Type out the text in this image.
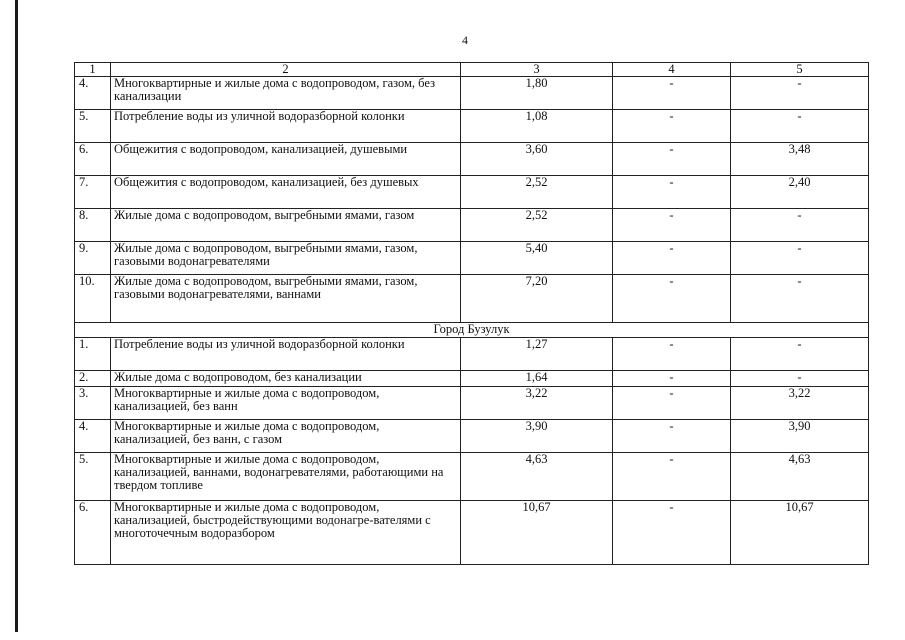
4
1	2	3	4	5
4.	Многоквартирные и жилые дома с водопроводом, газом, без канализации	1,80	-	-
5.	Потребление воды из уличной водоразборной колонки	1,08	-	-
6.	Общежития с водопроводом, канализацией, душевыми	3,60	-	3,48
7.	Общежития с водопроводом, канализацией, без душевых	2,52	-	2,40
8.	Жилые дома с водопроводом, выгребными ямами, газом	2,52	-	-
9.	Жилые дома с водопроводом, выгребными ямами, газом, газовыми водонагревателями	5,40	-	-
10.	Жилые дома с водопроводом, выгребными ямами, газом, газовыми водонагревателями, ваннами	7,20	-	-
Город Бузулук				
1.	Потребление воды из уличной водоразборной колонки	1,27	-	-
2.	Жилые дома с водопроводом, без канализации	1,64	-	-
3.	Многоквартирные и жилые дома с водопроводом, канализацией, без ванн	3,22	-	3,22
4.	Многоквартирные и жилые дома с водопроводом, канализацией, без ванн, с газом	3,90	-	3,90
5.	Многоквартирные и жилые дома с водопроводом, канализацией, ваннами, водонагревателями, работающими на твердом топливе	4,63	-	4,63
6.	Многоквартирные и жилые дома с водопроводом, канализацией, быстродействующими водонагре-вателями с многоточечным водоразбором	10,67	-	10,67
